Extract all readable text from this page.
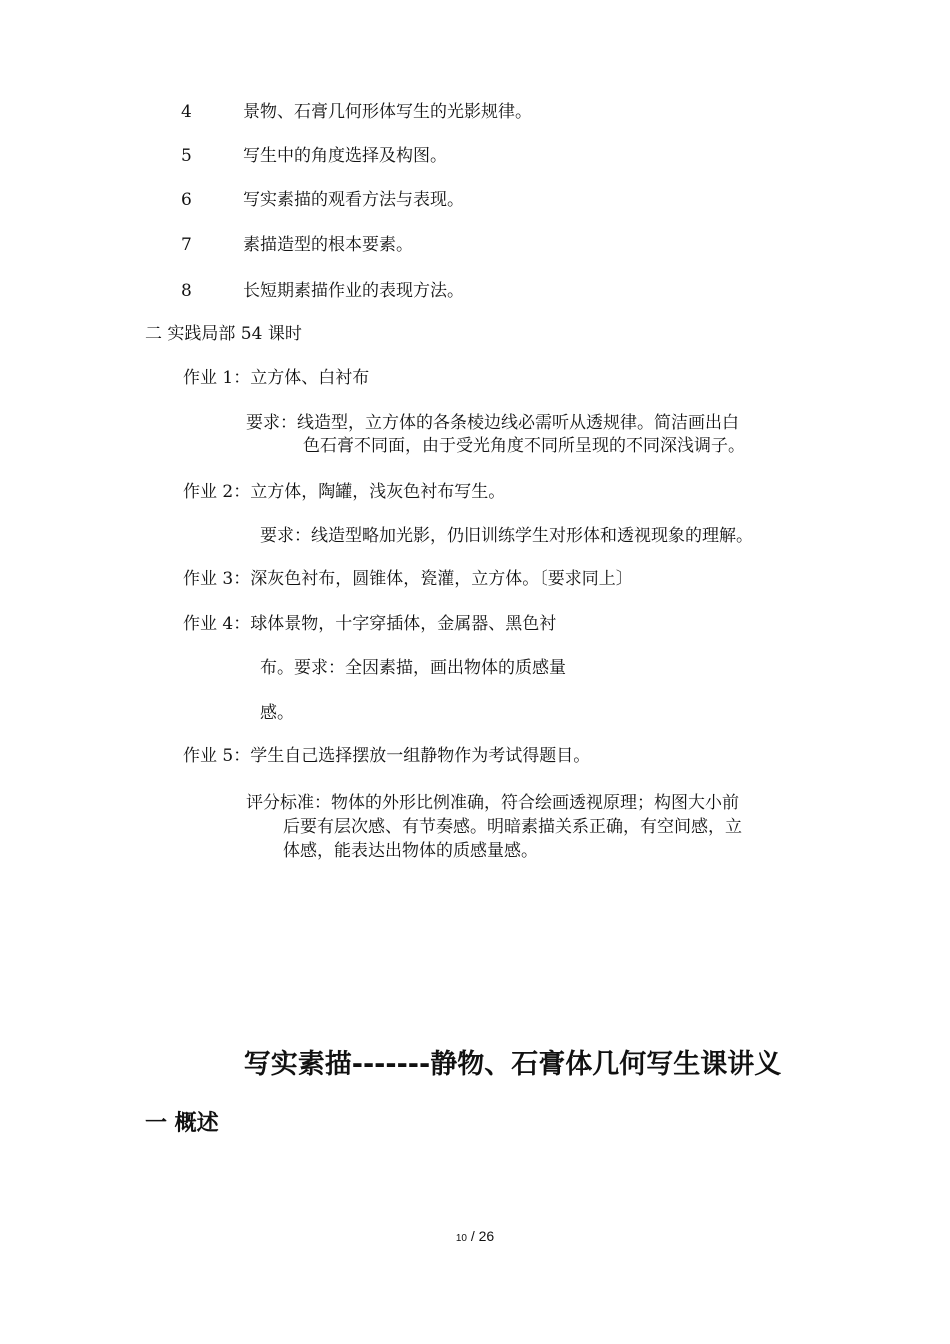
4	景物、石膏几何形体写生的光影规律。
5	写生中的角度选择及构图。
6	写实素描的观看方法与表现。
7	素描造型的根本要素。
8	长短期素描作业的表现方法。
二 实践局部 54 课时
作业 1：立方体、白衬布
要求：线造型，立方体的各条棱边线必需听从透规律。简洁画出白
色石膏不同面，由于受光角度不同所呈现的不同深浅调子。
作业 2：立方体，陶罐，浅灰色衬布写生。
要求：线造型略加光影，仍旧训练学生对形体和透视现象的理解。
作业 3：深灰色衬布，圆锥体，瓷灌，立方体。〔要求同上〕
作业 4：球体景物，十字穿插体，金属器、黑色衬
布。要求：全因素描，画出物体的质感量
感。
作业 5：学生自己选择摆放一组静物作为考试得题目。
评分标准：物体的外形比例准确，符合绘画透视原理；构图大小前
后要有层次感、有节奏感。明暗素描关系正确，有空间感，立
体感，能表达出物体的质感量感。
写实素描-------静物、石膏体几何写生课讲义
一 概述
10 / 26
